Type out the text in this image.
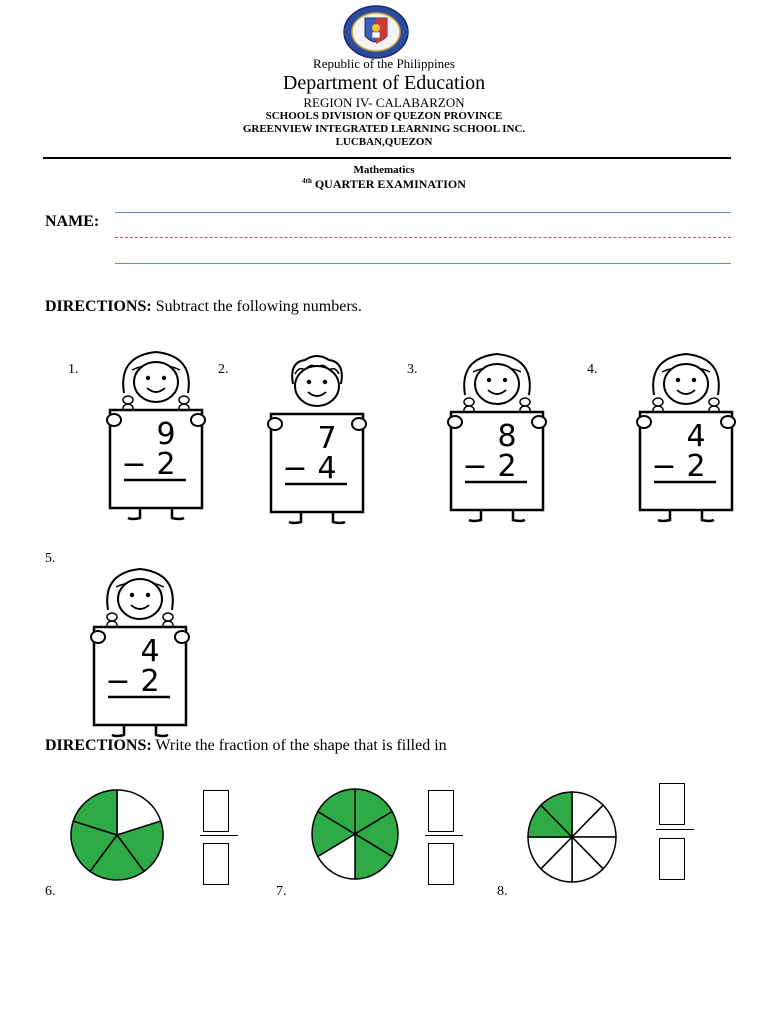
Republic of the Philippines
Department of Education
REGION IV- CALABARZON
SCHOOLS DIVISION OF QUEZON PROVINCE
GREENVIEW INTEGRATED LEARNING SCHOOL INC.
LUCBAN,QUEZON
Mathematics
$^{4th}$ QUARTER EXAMINATION
NAME:
DIRECTIONS: Subtract the following numbers.
1.	2.	3.	4.
5.
9
− 2
7
− 4
8
− 2
4
− 2
4
− 2
DIRECTIONS: Write the fraction of the shape that is filled in
6.	7.	8.
